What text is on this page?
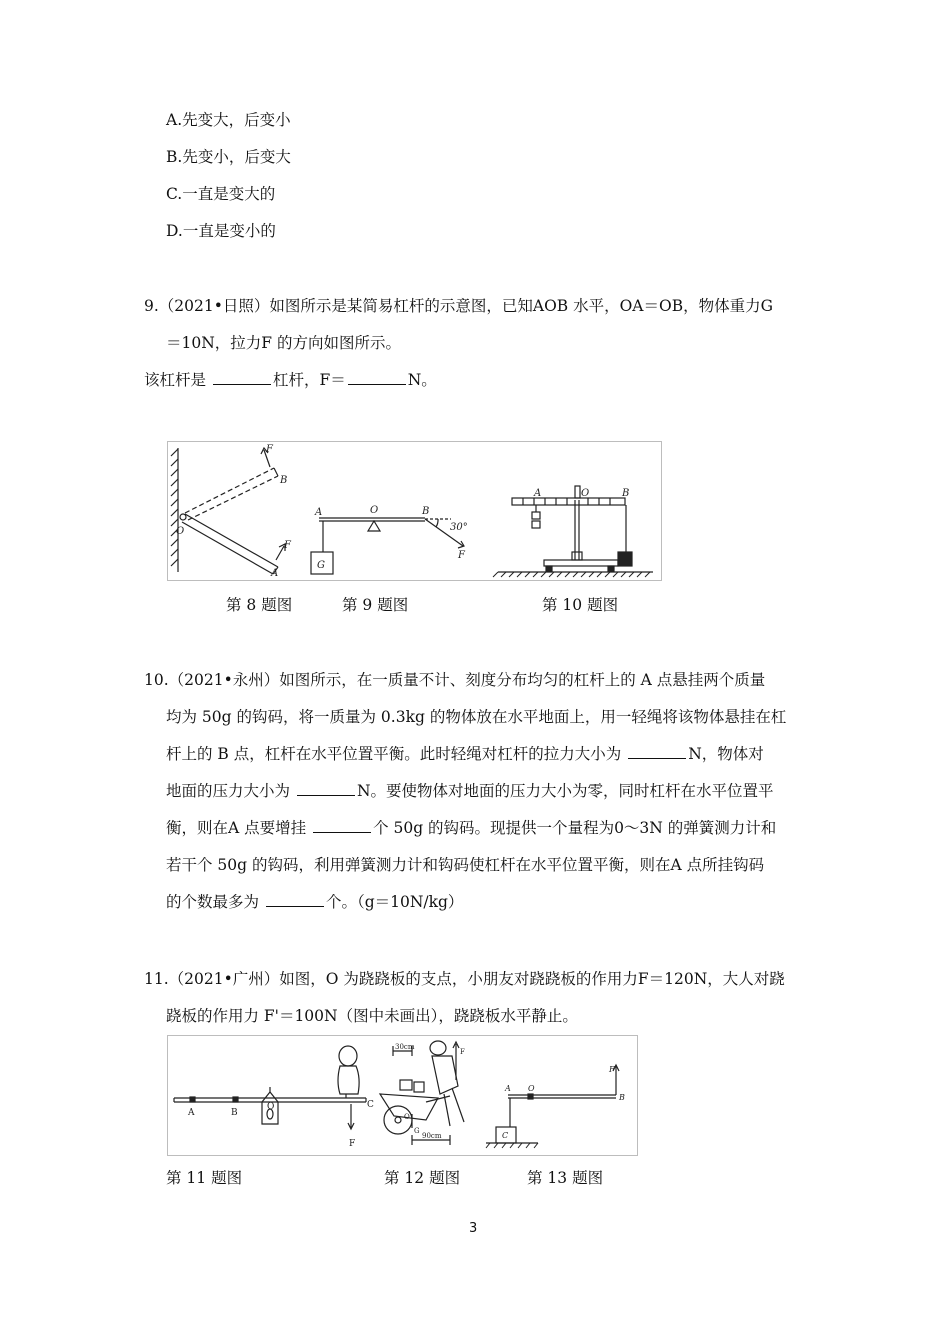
A.先变大，后变小
B.先变小，后变大
C.一直是变大的
D.一直是变小的
9.（2021•日照）如图所示是某简易杠杆的示意图，已知AOB 水平，OA＝OB，物体重力G
＝10N，拉力F 的方向如图所示。
该杠杆是	杠杆，F＝	N。
F
B
O
F
A
A	O	B
30°
F
G
A	O	B
第 8 题图	第 9 题图	第 10 题图
10.（2021•永州）如图所示，在一质量不计、刻度分布均匀的杠杆上的 A 点悬挂两个质量
均为 50g 的钩码，将一质量为 0.3kg 的物体放在水平地面上，用一轻绳将该物体悬挂在杠
杆上的 B 点，杠杆在水平位置平衡。此时轻绳对杠杆的拉力大小为	N，物体对
地面的压力大小为	N。要使物体对地面的压力大小为零，同时杠杆在水平位置平
衡，则在A 点要增挂	个 50g 的钩码。现提供一个量程为0～3N 的弹簧测力计和
若干个 50g 的钩码，利用弹簧测力计和钩码使杠杆在水平位置平衡，则在A 点所挂钩码
的个数最多为	个。（g＝10N/kg）
11.（2021•广州）如图，O 为跷跷板的支点，小朋友对跷跷板的作用力F＝120N，大人对跷
跷板的作用力 F'＝100N（图中未画出），跷跷板水平静止。
A	B
O	C
F
30cm
90cm
O
G
F
A O
B
F
C
第 11 题图	第 12 题图	第 13 题图
3
